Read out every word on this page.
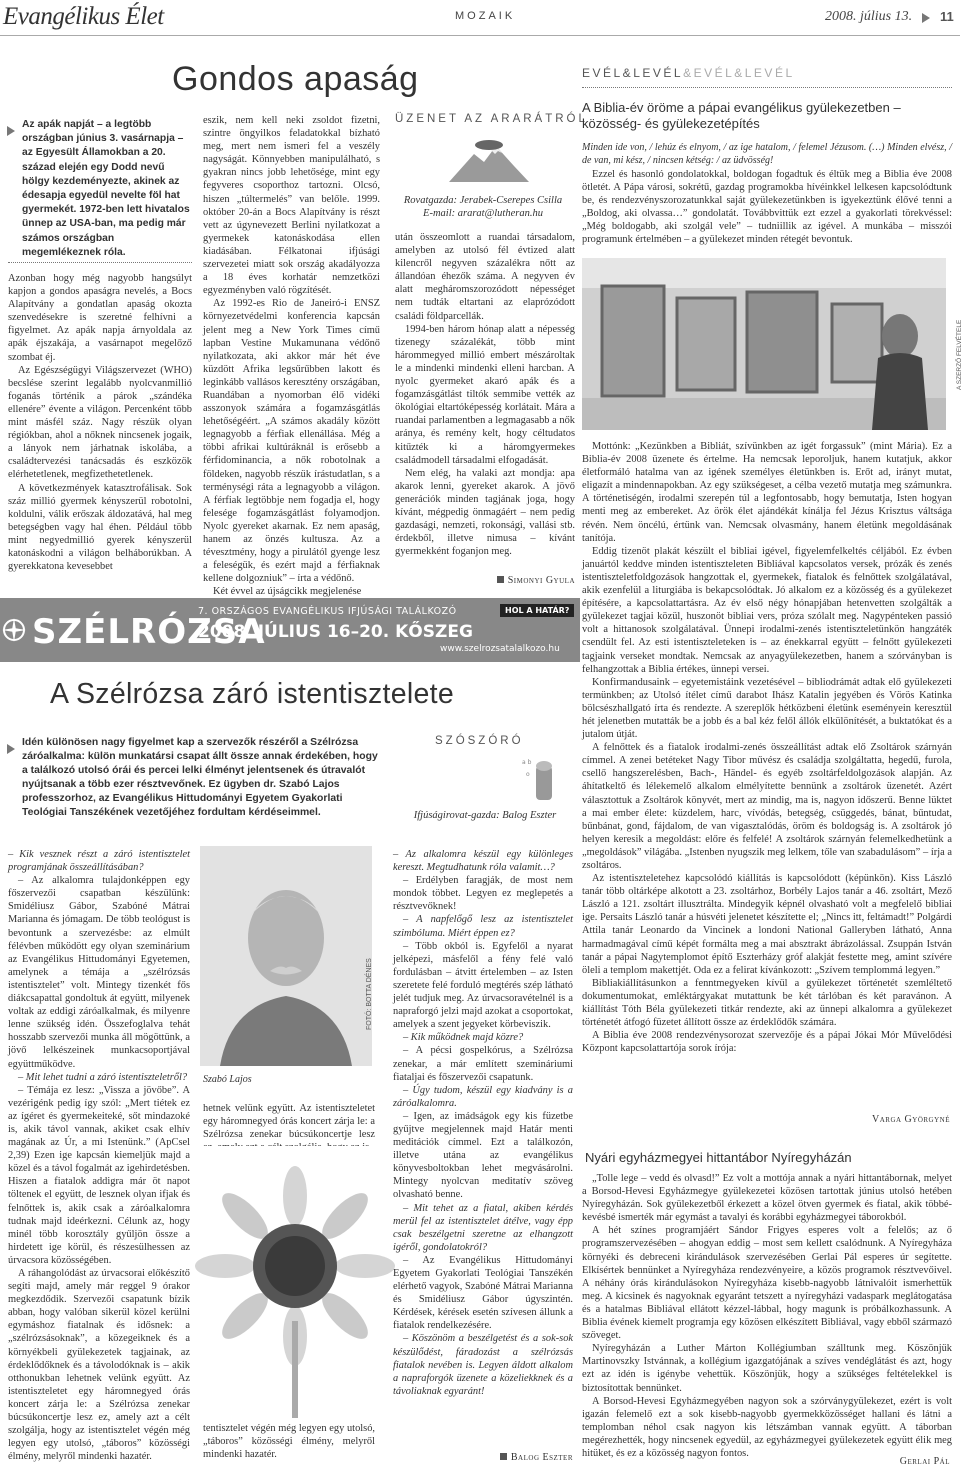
Evangélikus Élet	MOZAIK	2008. július 13. 11
Gondos apaság
Az apák napját – a legtöbb országban június 3. vasárnapja – az Egyesült Államokban a 20. század elején egy Dodd nevű hölgy kezdeményezte, akinek az édesapja egyedül nevelte föl hat gyermekét. 1972-ben lett hivatalos ünnep az USA-ban, ma pedig már számos országban megemlékeznek róla.

Azonban hogy még nagyobb hangsúlyt kapjon a gondos apaságra nevelés, a Bocs Alapítvány a gondatlan apaság okozta szenvedésekre is szeretné felhívni a figyelmet. Az apák napja árnyoldala az apák éjszakája, a vasárnapot megelőző szombat éj.

Az Egészségügyi Világszervezet (WHO) becslése szerint legalább nyolcvanmillió foganás történik a párok „szándéka ellenére” évente a világon. Percenként több mint másfél száz. Nagy részük olyan régiókban, ahol a nőknek nincsenek jogaik, a lányok nem járhatnak iskolába, a családtervezési tanácsadás és eszközök elérhetetlenek, megfizethetetlenek.

A következmények katasztrofálisak. Sok száz millió gyermek kényszerül robotolni, koldulni, válik erőszak áldozatává, hal meg betegségben vagy hal éhen. Például több mint negyedmillió gyerek kényszerül katonáskodni a világon belháborúkban. A gyerekkatona kevesebbet

eszik, nem kell neki zsoldot fizetni, szintre öngyilkos feladatokkal bízható meg, mert nem ismeri fel a veszély nagyságát. Könnyebben manipulálható, s gyakran nincs jobb lehetősége, mint egy fegyveres csoporthoz tartozni. Olcsó, hiszen „túltermelés” van belőle. 1999. október 20-án a Bocs Alapítvány is részt vett az úgynevezett Berlini nyilatkozat a gyermekek katonáskodása ellen kiadásában. Félkatonai ifjúsági szervezetei miatt sok ország akadályozza a 18 éves korhatár nemzetközi egyezményben való rögzítését.

Az 1992-es Rio de Janeiró-i ENSZ környezetvédelmi konferencia kapcsán jelent meg a New York Times című lapban Vestine Mukamunana védőnő nyilatkozata, aki akkor már hét éve küzdött Afrika legsűrűbben lakott és leginkább vallásos keresztény országában, Ruandában a nyomorban élő vidéki asszonyok számára a fogamzásgátlás lehetőségéért. „A számos akadály között legnagyobb a férfiak ellenállása. Még a többi afrikai kultúráknál is erősebb a férfidominancia, a nők robotolnak a földeken, nagyobb részük írástudatlan, s a terménységi ráta a legnagyobb a világon. A férfiak legtöbbje nem fogadja el, hogy felesége fogamzásgátlást folyamodjon. Nyolc gyereket akarnak. Ez nem apaság, hanem az önzés kultusza. Az a tévesztmény, hogy a pirulától gyenge lesz a feleségük, és ezért majd a férfiaknak kellene dolgozniuk” – írta a védőnő.

Két évvel az újságcikk megjelenése

ÜZENET AZ ARARÁTRÓL
Rovatgazda: Jerabek-Cserepes Csilla
E-mail: ararat@lutheran.hu

után összeomlott a ruandai társadalom, amelyben az utolsó fél évtized alatt kilencről negyven százalékra nőtt az állandóan éhezők száma. A negyven év alatt megháromszorozódott népességet nem tudták eltartani az elaprózódott családi földparcellák.

1994-ben három hónap alatt a népesség tizenegy százalékát, több mint hárommegyed millió embert mészároltak le a mindenki mindenki elleni harcban. A nyolc gyermeket akaró apák és a fogamzásgátlást tiltók semmibe vették az ökológiai eltartóképesség korlátait. Mára a ruandai parlamentben a legmagasabb a nők aránya, és remény kelt, hogy céltudatos kitűzték ki a háromgyermekes családmodell társadalmi elfogadását.

Nem elég, ha valaki azt mondja: apa akarok lenni, gyereket akarok. A jövő generációk minden tagjának joga, hogy kívánt, mégpedig önmagáért – nem pedig gazdasági, nemzeti, rokonsági, vallási stb. érdekből, illetve nimusa – kívánt gyermekként foganjon meg.

Simonyi Gyula
SZÉLRÓZSA
7. ORSZÁGOS EVANGÉLIKUS IFJÚSÁGI TALÁLKOZÓ
2008. JÚLIUS 16–20. KŐSZEG
HOL A HATÁR?
www.szelrozsatalalkozo.hu
A Szélrózsa záró istentisztelete
Idén különösen nagy figyelmet kap a szervezők részéről a Szélrózsa záróalkalma: külön munkatársi csapat állt össze annak érdekében, hogy a találkozó utolsó órái és percei lelki élményt jelentsenek és útravalót nyújtsanak a több ezer résztvevőnek. Ez ügyben dr. Szabó Lajos professzorhoz, az Evangélikus Hittudományi Egyetem Gyakorlati Teológiai Tanszékének vezetőjéhez fordultam kérdéseimmel.
SZÓSZÓRÓ
a b
o
Ifjúságirovat-gazda: Balog Eszter

– Kik vesznek részt a záró istentisztelet programjának összeállításában?

– Az alkalomra tulajdonképpen egy főszervezői csapatban készülünk: Smidéliusz Gábor, Szabóné Mátrai Marianna és jómagam. De több teológust is bevontunk a szervezésbe: az elmúlt félévben működött egy olyan szeminárium az Evangélikus Hittudományi Egyetemen, amelynek a témája a „szélrózsás istentisztelet” volt. Mintegy tizenkét fős diákcsapattal gondoltuk át együtt, milyenek voltak az eddigi záróalkalmak, és milyenre lenne szükség idén. Összefoglalva tehát hosszabb szervezői munka áll mögöttünk, a jövő lelkészeinek munkacsoportjával együttműködve.

– Mit lehet tudni a záró istentiszteletről?

– Témája ez lesz: „Vissza a jövőbe”. A vezérigénk pedig így szól: „Mert tiétek ez az ígéret és gyermekeiteké, sőt mindazoké is, akik távol vannak, akiket csak elhív magának az Úr, a mi Istenünk.” (ApCsel 2,39) Ezen ige kapcsán kiemeljük majd a közel és a távol fogalmát az igehirdetésben. Hiszen a fiatalok addigra már öt napot töltenek el együtt, de lesznek olyan ifjak és felnőttek is, akik csak a záróalkalomra tudnak majd ideérkezni. Célunk az, hogy minél több korosztály gyűljön össze a hirdetett ige körül, és részesülhessen az úrvacsora közösségében.

A ráhangolódást az úrvacsorai előkészítő segíti majd, amely már reggel 9 órakor megkezdődik. Szervezői csapatunk bízik abban, hogy valóban sikerül közel kerülni egymáshoz fiatalnak és idősnek: a „szélrózsásoknak”, a közegeiknek és a környékbeli gyülekezetek tagjainak, az érdeklődőknek és a távolodóknak is – akik otthonukban lehetnek velünk együtt. Az istentiszteletet egy háromnegyed órás koncert zárja le: a Szélrózsa zenekar búcsúkoncertje lesz ez, amely azt a célt szolgálja, hogy az istentisztelet végén még legyen egy utolsó, „táboros” közösségi élmény, melyről mindenki hazatér.

FOTÓ: BOTTA DÉNES
Szabó Lajos

hetnek velünk együtt. Az istentiszteletet egy háromnegyed órás koncert zárja le: a Szélrózsa zenekar búcsúkoncertje lesz

tentisztelet végén még legyen egy utolsó, „táboros” közösségi élmény, melyről mindenki hazatér.

– Az alkalomra készül egy különleges kereszt. Megtudhatunk róla valamit…?

– Erdélyben faragják, de most nem mondok többet. Legyen ez meglepetés a résztvevőknek!

– A napfelőgő lesz az istentisztelet szimbóluma. Miért éppen ez?

– Több okból is. Egyfelől a nyarat jelképezi, másfelől a fény felé való fordulásban – átvitt értelemben – az Isten szeretete felé forduló megtérés szép látható jelét tudjuk meg. Az úrvacsoravételnél is a napraforgó jelzi majd azokat a csoportokat, amelyek a szent jegyeket körbeviszik.

– Kik működnek majd közre?

– A pécsi gospelkórus, a Szélrózsa zenekar, a már említett szemináriumi fiataljai és főszervezői csapatunk.

– Úgy tudom, készül egy kiadvány is a záróalkalomra.

– Igen, az imádságok egy kis füzetbe gyűjtve megjelennek majd Határ menti meditációk címmel. Ezt a találkozón, illetve utána az evangélikus könyvesboltokban lehet megvásárolni. Mintegy nyolcvan meditatív szöveg olvasható benne.

– Mit tehet az a fiatal, akiben kérdés merül fel az istentisztelet átélve, vagy épp csak beszélgetni szeretne az elhangzott igéről, gondolatokról?

– Az Evangélikus Hittudományi Egyetem Gyakorlati Teológiai Tanszékén elérhető vagyok, Szabóné Mátrai Marianna és Smidéliusz Gábor úgyszintén. Kérdések, kérések esetén szívesen állunk a fiatalok rendelkezésére.

– Köszönöm a beszélgetést és a sok-sok készülődést, fáradozást a szélrózsás fiatalok nevében is. Legyen áldott alkalom a napraforgók üzenete a közeliekknek és a távoliaknak egyaránt!

Balog Eszter
EVÉL&LEVÉL&EVÉL&LEVÉL
A Biblia-év öröme a pápai evangélikus gyülekezetben – közösség- és gyülekezetépítés

Minden ide von, / lehúz és elnyom, / az ige hatalom, / felemel Jézusom. (…) Minden elvész, / de van, mi kész, / nincsen kétség: / az üdvösség!

Ezzel és hasonló gondolatokkal, boldogan fogadtuk és éltük meg a Biblia éve 2008 ötletét. A Pápa városi, sokrétű, gazdag programokba hívéinkkel lelkesen kapcsolódtunk be, és rendezvényszorozatunkkal saját gyülekezetünkben is igyekeztünk élővé tenni a „Boldog, aki olvassa…” gondolatát. Továbbvittük ezt ezzel a gyakorlati törekvéssel: „Még boldogabb, aki szolgál vele” – tudniillik az igével. A munkába – misszói programunk értelmében – a gyülekezet minden rétegét bevontuk.

A SZERZŐ FELVÉTELE

Mottónk: „Kezünkben a Bibliát, szívünkben az igét forgassuk” (mint Mária). Ez a Biblia-év 2008 üzenete és értelme. Ha nemcsak leporoljuk, hanem kutatjuk, akkor életformáló hatalma van az igének személyes életünkben is. Erőt ad, irányt mutat, eligazít a mindennapokban. Az egy szükségeset, a célba vezető mutatja meg számunkra. A történetiségén, irodalmi szerepén túl a legfontosabb, hogy bemutatja, Isten hogyan menti meg az embereket. Az örök élet ajándékát kínálja fel Jézus Krisztus váltsága révén. Nem öncélú, értünk van. Nemcsak olvasmány, hanem életünk megoldásának tanítója.

Eddig tizenöt plakát készült el bibliai igével, figyelemfelkeltés céljából. Ez évben januártól keddve minden istentiszteleten Bibliával kapcsolatos versek, prózák és zenés istentiszteletfoldgozások hangzottak el, gyermekek, fiatalok és felnőttek szolgálatával, akik ezenfelül a liturgiába is bekapcsolódtak. Jó alkalom ez a közösség és a gyülekezet építésére, a kapcsolattartásra. Az év első négy hónapjában hetenvetten szolgálták a gyülekezet tagjai közül, huszonöt bibliai vers, próza szólalt meg. Nagypénteken passió volt a hittanosok szolgálatával. Ünnepi irodalmi-zenés istentiszteletünkön hangzáték csendült fel. Az esti istentiszteleteken is – az énekkarral együtt – felnőtt gyülekezeti tagjaink verseket mondtak. Nemcsak az anyagyülekezetben, hanem a szórványban is felhangzottak a Biblia értékes, ünnepi versei.

Konfirmandusaink – egyetemistáink vezetésével – bibliodrámát adtak elő gyülekezeti termünkben; az Utolsó ítélet című darabot Ihász Katalin jegyében és Vörös Katinka bölcsészhallgató írta és rendezte. A szereplők hétközbeni életünk eseményein keresztül hét jelenetben mutatták be a jobb és a bal kéz felől állók elkülönítését, a buktatókat és a jutalom útját.

A felnőttek és a fiatalok irodalmi-zenés összeállítást adtak elő Zsoltárok szárnyán címmel. A zenei betéteket Nagy Tibor művész és családja szolgáltatta, hegedű, furola, csellő hangszerelésben, Bach-, Händel- és egyéb zsoltárfeldolgozások alapján. Az áhítatkeltő és lélekemelő alkalom elmélyítette bennünk a zsoltárok üzenetét. Azért választottuk a Zsoltárok könyvét, mert az mindig, ma is, nagyon időszerű. Benne lüktet a mai ember élete: küzdelem, harc, vívódás, betegség, csüggedés, bánat, bűntudat, bűnbánat, gond, fájdalom, de van vigasztalódás, öröm és boldogság is. A zsoltárok jó helyen keresik a megoldást: előre és felfelé! A zsoltárok szárnyán felemelkedhetünk a „megoldások” világába. „Istenben nyugszik meg lelkem, tőle van szabadulásom” – írja a zsoltáros.

Az istentiszteletehez kapcsolódó kiállítás is kapcsolódott (képünkön). Kiss László tanár több oltárképe alkotott a 23. zsoltárhoz, Borbély Lajos tanár a 46. zsoltárt, Mező László a 121. zsoltárt illusztrálta. Mindegyik képnél olvasható volt a megfelelő bibliai ige. Persaits László tanár a húsvéti jelenetet készítette el; „Nincs itt, feltámadt!” Polgárdi Attila tanár Leonardo da Vincinek a londoni National Galleryben látható, Anna harmadmagával című képét formálta meg a mai absztrakt ábrázolással. Zsuppán István tanár a pápai Nagytemplomot építő Eszterházy gróf alakját festette meg, amint szívére öleli a templom makettjét. Oda ez a felirat kívánkozott: „Szívem templommá legyen.”

Bibliakiállításunkon a fenntmegyeken kívül a gyülekezet történetét szemléltető dokumentumokat, emléktárgyakat mutattunk be két tárlóban és két paravánon. A kiállítást Tóth Béla gyülekezeti titkár rendezte, aki az ünnepi alkalomra a gyülekezet történetét átfogó füzetet állított össze az érdeklődők számára.

A Biblia éve 2008 rendezvénysorozat szervezője és a pápai Jókai Mór Művelődési Központ kapcsolattartója sorok írója:

Varga Györgyné
Nyári egyházmegyei hittantábor Nyíregyházán

„Tolle lege – vedd és olvasd!” Ez volt a mottója annak a nyári hittantábornak, melyet a Borsod-Hevesi Egyházmegye gyülekezetei közösen tartottak június utolsó hetében Nyíregyházán. Sok gyülekezetből érkezett a közel ötven gyermek és fiatal, akik többé-kevésbé ismerték már egymást a tavalyi és korábbi egyházmegyei táborokból.

A hét színes programjáért Sándor Frigyes esperes volt a felelős; az ő programszervezésében – ahogyan eddig – most sem kellett csalódnunk. A Nyíregyháza környéki és debreceni kirándulások szervezésében Gerlai Pál esperes úr segítette. Elkísértek bennünket a Nyíregyháza rendezvényeire, a közös programok résztvevőivel. A néhány órás kirándulásokon Nyíregyháza kisebb-nagyobb látnivalóit ismerhettük meg. A kicsinek és nagyoknak egyaránt tetszett a nyíregyházi vadaspark meglátogatása és a hatalmas Bibliával ellátott kézzel-lábbal, hogy magunk is próbálkozhassunk. A Biblia évének kiemelt programja egy közösen elkészített Bibliával, vagy ebből származó szöveget.

Nyíregyházán a Luther Márton Kollégiumban szálltunk meg. Köszönjük Martinovszky Istvánnak, a kollégium igazgatójának a szíves vendéglátást és azt, hogy ezt az idén is igénybe vehettük. Köszönjük, hogy a szükséges feltételekkel is biztosítottak bennünket.

A Borsod-Hevesi Egyházmegyében nagyon sok a szórványgyülekezet, ezért is volt igazán felemelő ezt a sok kisebb-nagyobb gyermekközösséget hallani és látni a templomban néhol csak nagyon kis létszámban vannak együtt. A táborban megérezhették, hogy nincsenek egyedül, az egyházmegyei gyülekezetek együtt élik meg hitüket, és ez a közösség nagyon fontos.

Gerlai Pál
